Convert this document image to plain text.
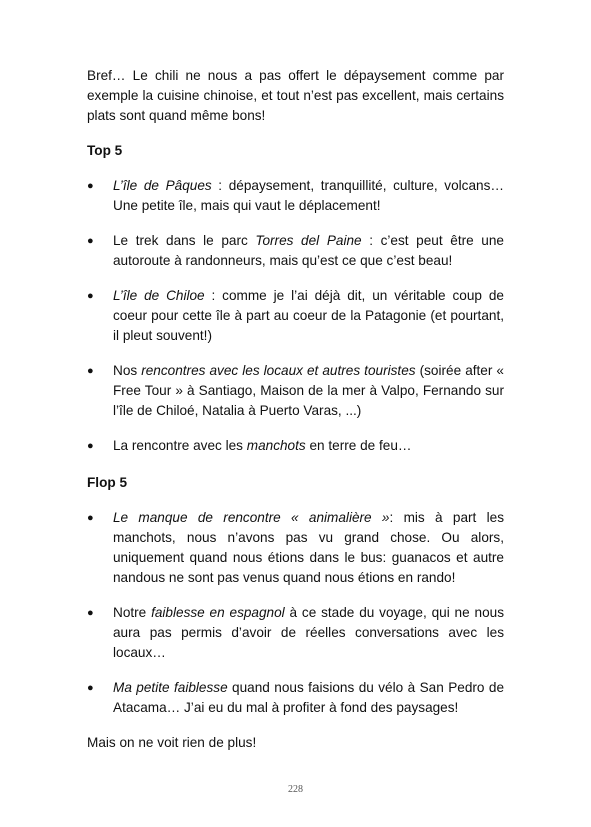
Bref… Le chili ne nous a pas offert le dépaysement comme par exemple la cuisine chinoise, et tout n’est pas excellent, mais certains plats sont quand même bons!

Top 5
● L’île de Pâques : dépaysement, tranquillité, culture, volcans… Une petite île, mais qui vaut le déplacement!
● Le trek dans le parc Torres del Paine : c’est peut être une autoroute à randonneurs, mais qu’est ce que c’est beau!
● L’île de Chiloe : comme je l’ai déjà dit, un véritable coup de coeur pour cette île à part au coeur de la Patagonie (et pourtant, il pleut souvent!)
● Nos rencontres avec les locaux et autres touristes (soirée after « Free Tour » à Santiago, Maison de la mer à Valpo, Fernando sur l’île de Chiloé, Natalia à Puerto Varas, ...)
● La rencontre avec les manchots en terre de feu…
Flop 5
● Le manque de rencontre « animalière »: mis à part les manchots, nous n’avons pas vu grand chose. Ou alors, uniquement quand nous étions dans le bus: guanacos et autre nandous ne sont pas venus quand nous étions en rando!
● Notre faiblesse en espagnol à ce stade du voyage, qui ne nous aura pas permis d’avoir de réelles conversations avec les locaux…
● Ma petite faiblesse quand nous faisions du vélo à San Pedro de Atacama… J’ai eu du mal à profiter à fond des paysages!

Mais on ne voit rien de plus!

228
